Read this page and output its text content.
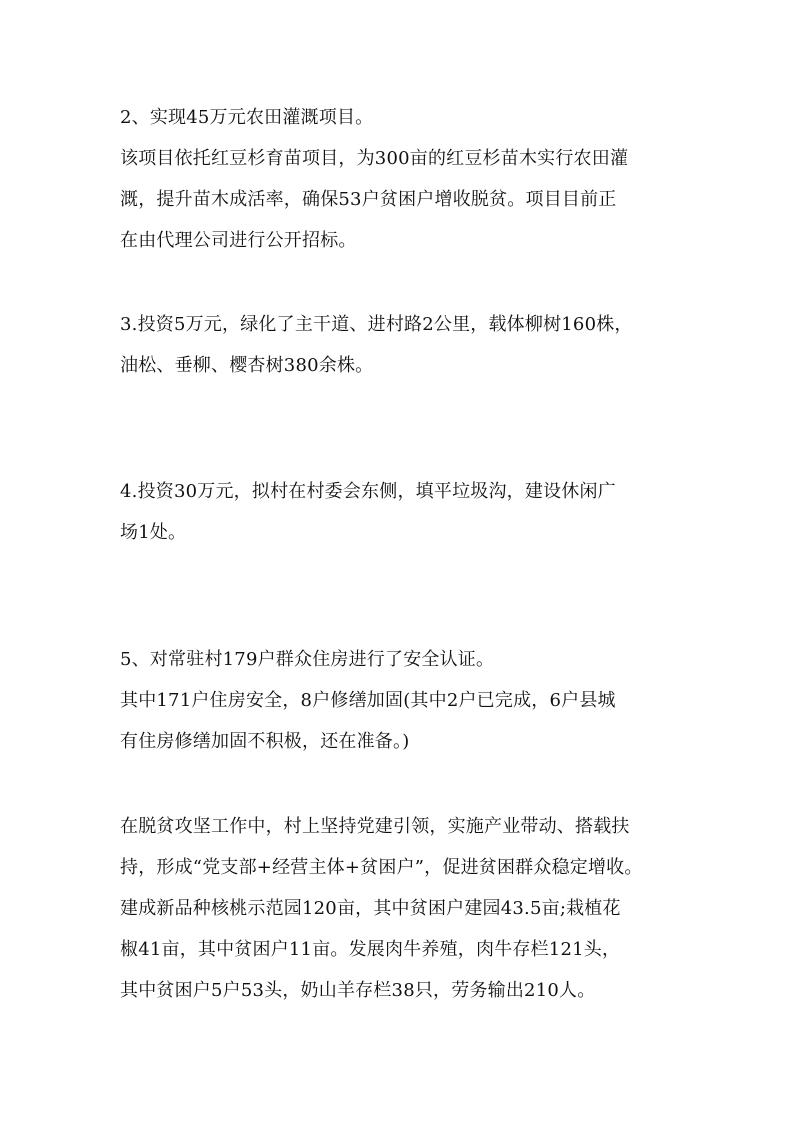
2、实现45万元农田灌溉项目。
该项目依托红豆杉育苗项目，为300亩的红豆杉苗木实行农田灌
溉，提升苗木成活率，确保53户贫困户增收脱贫。项目目前正
在由代理公司进行公开招标。
3.投资5万元，绿化了主干道、进村路2公里，载体柳树160株，
油松、垂柳、樱杏树380余株。
4.投资30万元，拟村在村委会东侧，填平垃圾沟，建设休闲广
场1处。
5、对常驻村179户群众住房进行了安全认证。
其中171户住房安全，8户修缮加固(其中2户已完成，6户县城
有住房修缮加固不积极，还在准备。)
在脱贫攻坚工作中，村上坚持党建引领，实施产业带动、搭载扶
持，形成“党支部+经营主体+贫困户”，促进贫困群众稳定增收。
建成新品种核桃示范园120亩，其中贫困户建园43.5亩;栽植花
椒41亩，其中贫困户11亩。发展肉牛养殖，肉牛存栏121头，
其中贫困户5户53头，奶山羊存栏38只，劳务输出210人。
